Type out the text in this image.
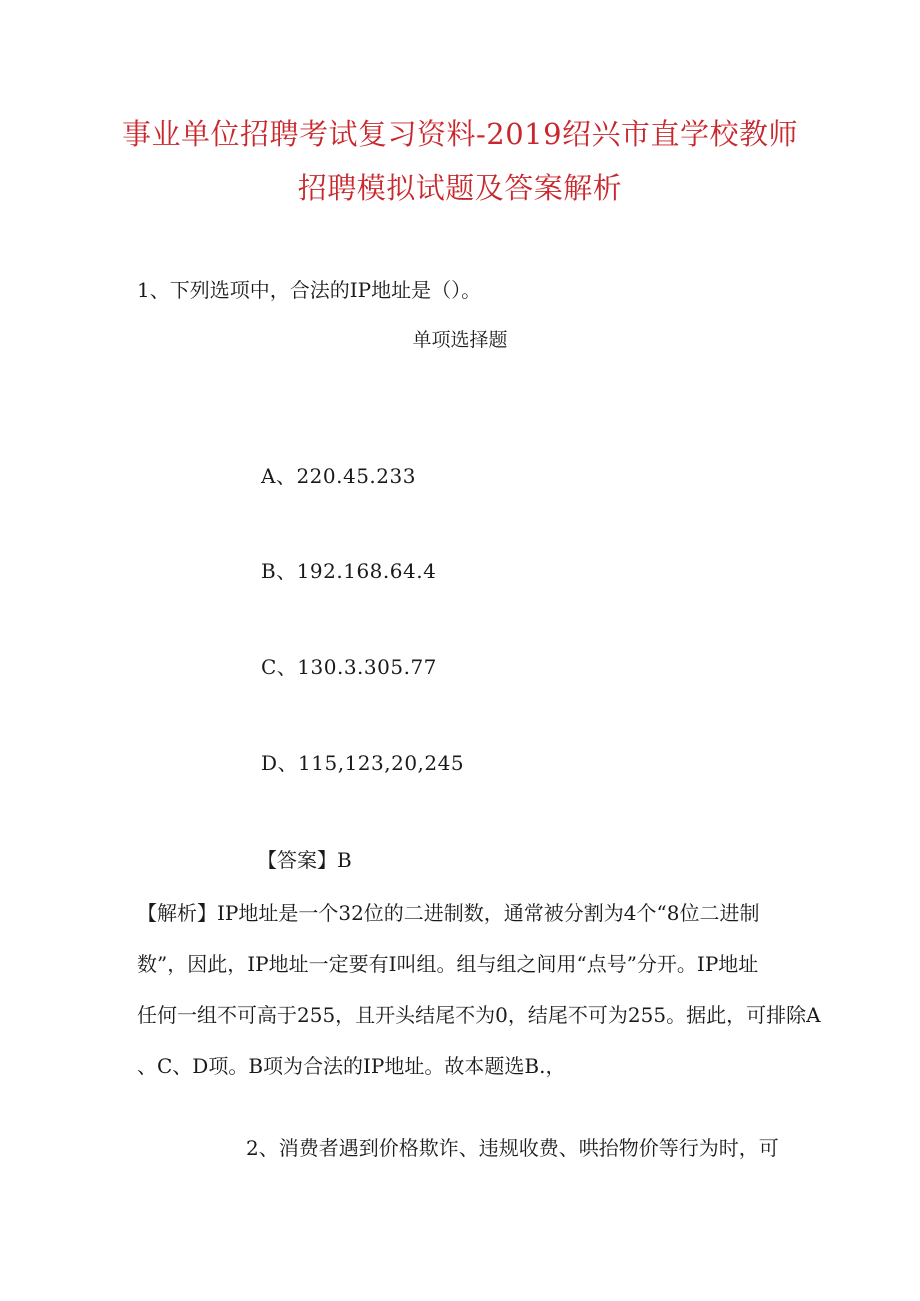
事业单位招聘考试复习资料-2019绍兴市直学校教师
招聘模拟试题及答案解析
1、下列选项中，合法的IP地址是（）。
单项选择题
A、220.45.233
B、192.168.64.4
C、130.3.305.77
D、115,123,20,245
【答案】B
【解析】IP地址是一个32位的二进制数，通常被分割为4个“8位二进制
数”，因此，IP地址一定要有I叫组。组与组之间用“点号”分开。IP地址
任何一组不可高于255，且开头结尾不为0，结尾不可为255。据此，可排除A
、C、D项。B项为合法的IP地址。故本题选B.，
2、消费者遇到价格欺诈、违规收费、哄抬物价等行为时，可
